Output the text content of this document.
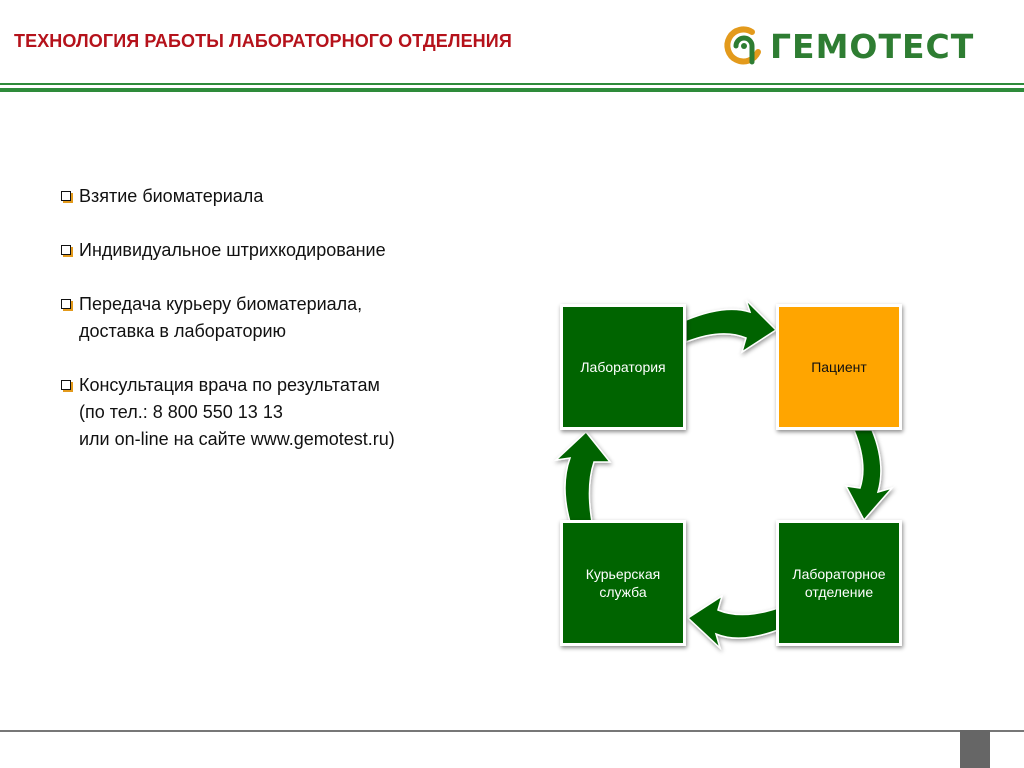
ТЕХНОЛОГИЯ РАБОТЫ ЛАБОРАТОРНОГО ОТДЕЛЕНИЯ	ГЕМОТЕСТ
Взятие биоматериала
Индивидуальное штрихкодирование
Передача курьеру биоматериала,
доставка в лабораторию
Консультация врача по результатам
(по тел.: 8 800 550 13 13
или on-line на сайте www.gemotest.ru)
Лаборатория	Пациент
Лабораторное
отделение
Курьерская
служба
